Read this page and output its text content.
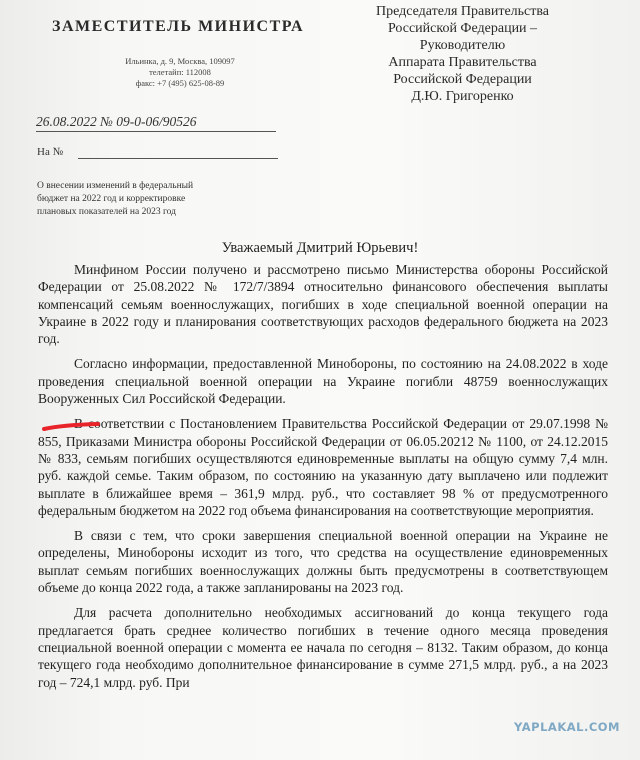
ЗАМЕСТИТЕЛЬ МИНИСТРА
Ильинка, д. 9, Москва, 109097
телетайп: 112008
факс: +7 (495) 625-08-89
Председателя Правительства
Российской Федерации –
Руководителю
Аппарата Правительства
Российской Федерации
Д.Ю. Григоренко
26.08.2022 № 09-0-06/90526
На №
О внесении изменений в федеральный
бюджет на 2022 год и корректировке
плановых показателей на 2023 год
Уважаемый Дмитрий Юрьевич!

Минфином России получено и рассмотрено письмо Министерства обороны Российской Федерации от 25.08.2022 № 172/7/3894 относительно финансового обеспечения выплаты компенсаций семьям военнослужащих, погибших в ходе специальной военной операции на Украине в 2022 году и планирования соответствующих расходов федерального бюджета на 2023 год.

Согласно информации, предоставленной Минобороны, по состоянию на 24.08.2022 в ходе проведения специальной военной операции на Украине погибли 48759 военнослужащих Вооруженных Сил Российской Федерации.

В соответствии с Постановлением Правительства Российской Федерации от 29.07.1998 № 855, Приказами Министра обороны Российской Федерации от 06.05.20212 № 1100, от 24.12.2015 № 833, семьям погибших осуществляются единовременные выплаты на общую сумму 7,4 млн. руб. каждой семье. Таким образом, по состоянию на указанную дату выплачено или подлежит выплате в ближайшее время – 361,9 млрд. руб., что составляет 98 % от предусмотренного федеральным бюджетом на 2022 год объема финансирования на соответствующие мероприятия.

В связи с тем, что сроки завершения специальной военной операции на Украине не определены, Минобороны исходит из того, что средства на осуществление единовременных выплат семьям погибших военнослужащих должны быть предусмотрены в соответствующем объеме до конца 2022 года, а также запланированы на 2023 год.

Для расчета дополнительно необходимых ассигнований до конца текущего года предлагается брать среднее количество погибших в течение одного месяца проведения специальной военной операции с момента ее начала по сегодня – 8132. Таким образом, до конца текущего года необходимо дополнительное финансирование в сумме 271,5 млрд. руб., а на 2023 год – 724,1 млрд. руб. При

YAPLAKAL.COM
